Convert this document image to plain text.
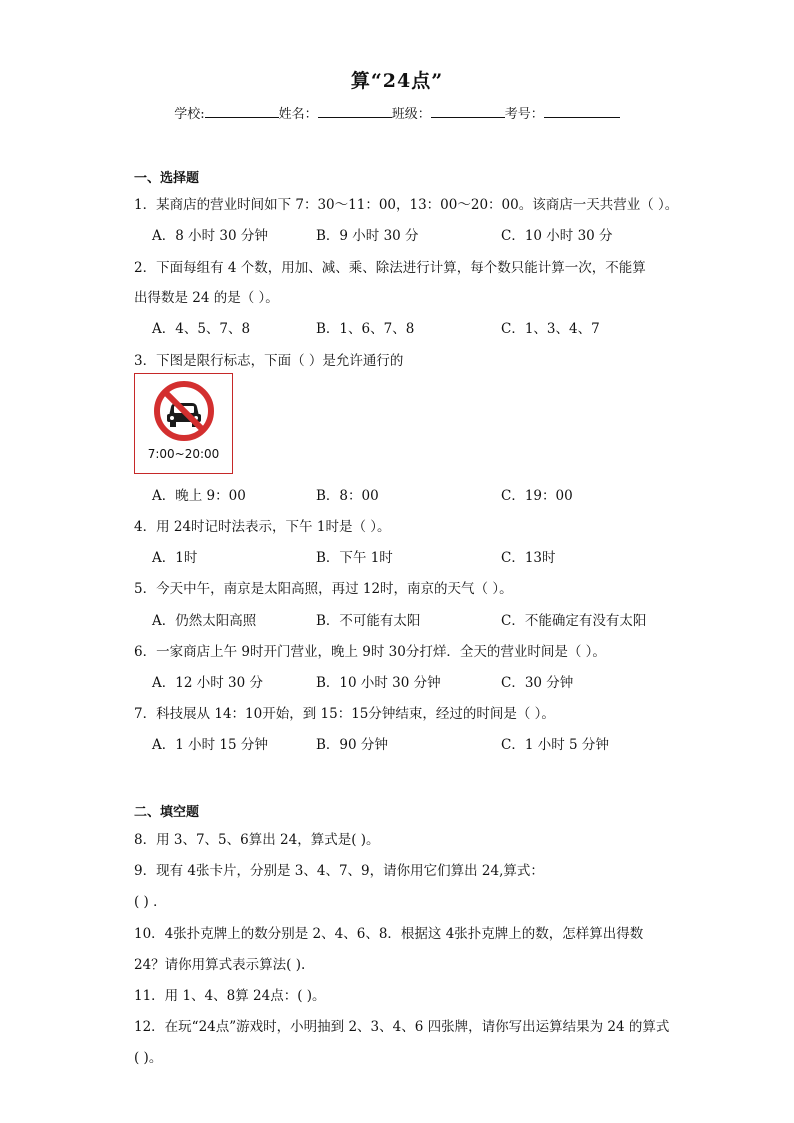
算“24点”
学校:	姓名：	班级：	考号：
一、选择题
1．某商店的营业时间如下 7：30～11：00，13：00～20：00。该商店一天共营业（ ）。
A．8 小时 30 分钟	B．9 小时 30 分	C．10 小时 30 分
2．下面每组有 4 个数，用加、减、乘、除法进行计算，每个数只能计算一次，不能算
出得数是 24 的是（ ）。
A．4、5、7、8	B．1、6、7、8	C．1、3、4、7
3．下图是限行标志，下面（ ）是允许通行的
7:00~20:00
A．晚上 9：00	B．8：00	C．19：00
4．用 24时记时法表示，下午 1时是（ ）。
A．1时	B．下午 1时	C．13时
5．今天中午，南京是太阳高照，再过 12时，南京的天气（ ）。
A．仍然太阳高照	B．不可能有太阳	C．不能确定有没有太阳
6．一家商店上午 9时开门营业，晚上 9时 30分打烊．全天的营业时间是（ ）。
A．12 小时 30 分	B．10 小时 30 分钟	C．30 分钟
7．科技展从 14：10开始，到 15：15分钟结束，经过的时间是（ ）。
A．1 小时 15 分钟	B．90 分钟	C．1 小时 5 分钟
二、填空题
8．用 3、7、5、6算出 24，算式是( )。
9．现有 4张卡片，分别是 3、4、7、9，请你用它们算出 24,算式：
( ) ．
10．4张扑克牌上的数分别是 2、4、6、8．根据这 4张扑克牌上的数，怎样算出得数
24？请你用算式表示算法( ).
11．用 1、4、8算 24点：( )。
12．在玩“24点”游戏时，小明抽到 2、3、4、6 四张牌，请你写出运算结果为 24 的算式
( )。
